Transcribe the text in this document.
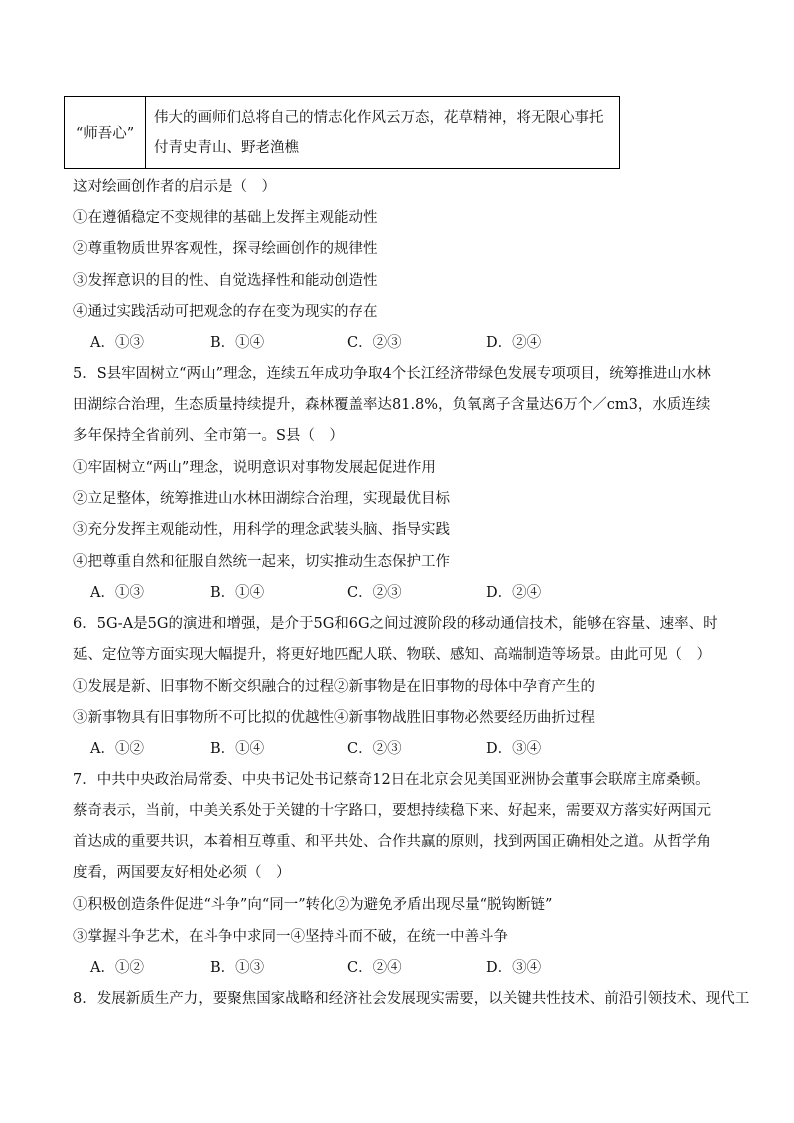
“师吾心”	伟大的画师们总将自己的情志化作风云万态，花草精神，将无限心事托付青史青山、野老渔樵
这对绘画创作者的启示是（　）
①在遵循稳定不变规律的基础上发挥主观能动性
②尊重物质世界客观性，探寻绘画创作的规律性
③发挥意识的目的性、自觉选择性和能动创造性
④通过实践活动可把观念的存在变为现实的存在
A．①③	B．①④	C．②③	D．②④
5．S县牢固树立“两山”理念，连续五年成功争取4个长江经济带绿色发展专项项目，统筹推进山水林田湖综合治理，生态质量持续提升，森林覆盖率达81.8%，负氧离子含量达6万个／cm3，水质连续多年保持全省前列、全市第一。S县（　）
①牢固树立“两山”理念，说明意识对事物发展起促进作用
②立足整体，统筹推进山水林田湖综合治理，实现最优目标
③充分发挥主观能动性，用科学的理念武装头脑、指导实践
④把尊重自然和征服自然统一起来，切实推动生态保护工作
A．①③	B．①④	C．②③	D．②④
6．5G-A是5G的演进和增强，是介于5G和6G之间过渡阶段的移动通信技术，能够在容量、速率、时延、定位等方面实现大幅提升，将更好地匹配人联、物联、感知、高端制造等场景。由此可见（　）
①发展是新、旧事物不断交织融合的过程②新事物是在旧事物的母体中孕育产生的
③新事物具有旧事物所不可比拟的优越性④新事物战胜旧事物必然要经历曲折过程
A．①②	B．①④	C．②③	D．③④
7．中共中央政治局常委、中央书记处书记蔡奇12日在北京会见美国亚洲协会董事会联席主席桑顿。蔡奇表示，当前，中美关系处于关键的十字路口，要想持续稳下来、好起来，需要双方落实好两国元首达成的重要共识，本着相互尊重、和平共处、合作共赢的原则，找到两国正确相处之道。从哲学角度看，两国要友好相处必须（　）
①积极创造条件促进“斗争”向“同一”转化②为避免矛盾出现尽量“脱钩断链”
③掌握斗争艺术，在斗争中求同一④坚持斗而不破，在统一中善斗争
A．①②	B．①③	C．②④	D．③④
8．发展新质生产力，要聚焦国家战略和经济社会发展现实需要，以关键共性技术、前沿引领技术、现代工
